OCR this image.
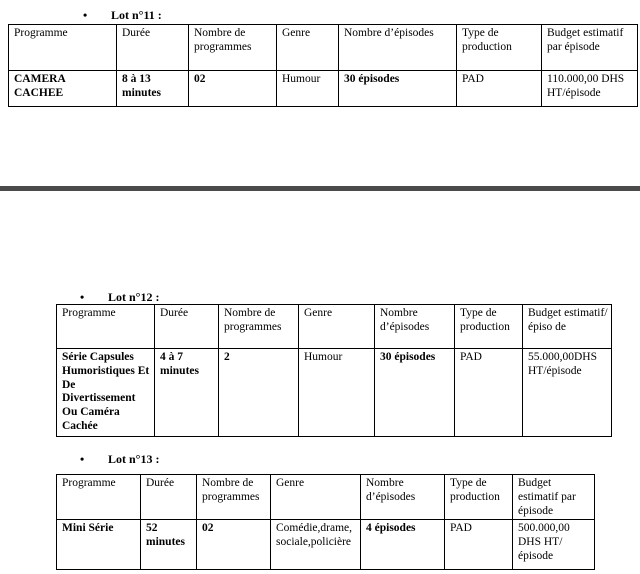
• Lot n°11 :
Programme	Durée	Nombre de programmes	Genre	Nombre d’épisodes	Type de production	Budget estimatif par épisode
CAMERA CACHEE	8 à 13 minutes	02	Humour	30 épisodes	PAD	110.000,00 DHS HT/épisode
• Lot n°12 :
Programme	Durée	Nombre de programmes	Genre	Nombre d’épisodes	Type de production	Budget estimatif/épiso de
Série Capsules Humoristiques Et De Divertissement Ou Caméra Cachée	4 à 7 minutes	2	Humour	30 épisodes	PAD	55.000,00DHS HT/épisode
• Lot n°13 :
Programme	Durée	Nombre de programmes	Genre	Nombre d’épisodes	Type de production	Budget estimatif par épisode
Mini Série	52 minutes	02	Comédie,drame, sociale,policière	4 épisodes	PAD	500.000,00 DHS HT/épisode
